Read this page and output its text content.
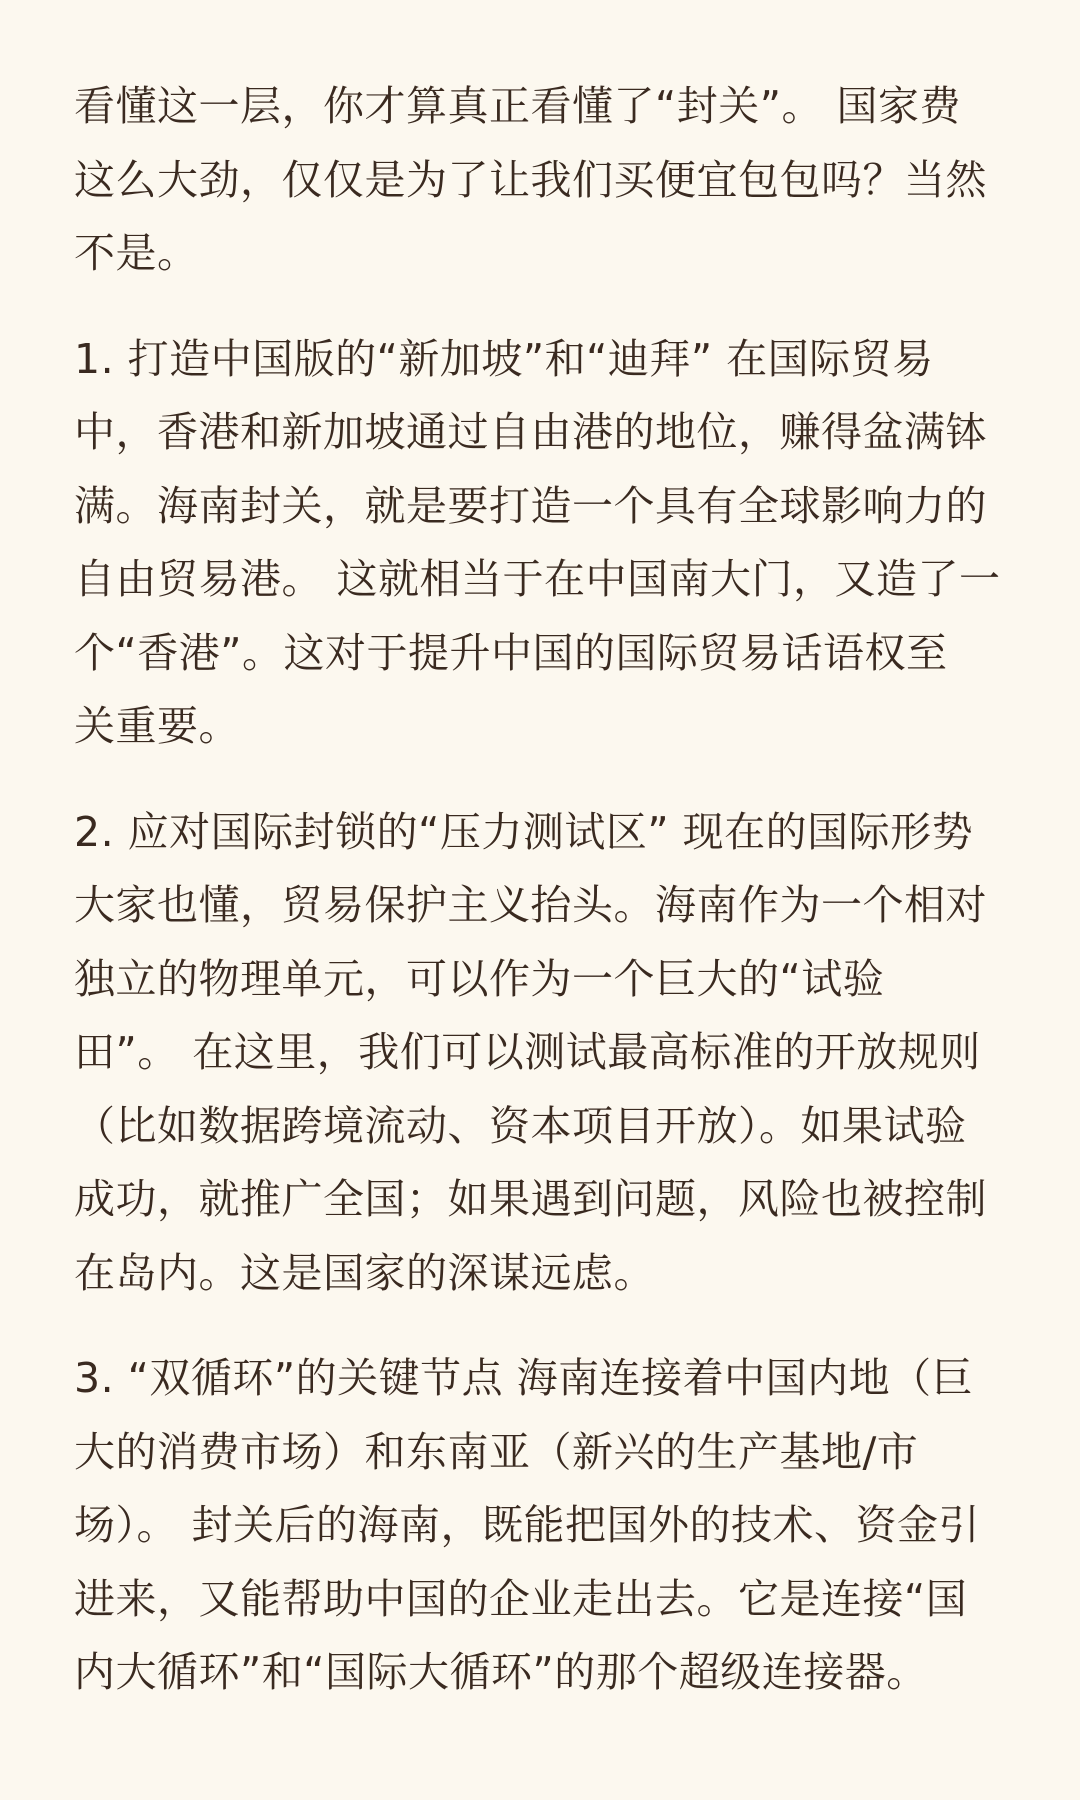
看懂这一层，你才算真正看懂了“封关”。 国家费
这么大劲，仅仅是为了让我们买便宜包包吗？当然
不是。
1. 打造中国版的“新加坡”和“迪拜” 在国际贸易
中，香港和新加坡通过自由港的地位，赚得盆满钵
满。海南封关，就是要打造一个具有全球影响力的
自由贸易港。 这就相当于在中国南大门，又造了一
个“香港”。这对于提升中国的国际贸易话语权至
关重要。
2. 应对国际封锁的“压力测试区” 现在的国际形势
大家也懂，贸易保护主义抬头。海南作为一个相对
独立的物理单元，可以作为一个巨大的“试验
田”。 在这里，我们可以测试最高标准的开放规则
（比如数据跨境流动、资本项目开放）。如果试验
成功，就推广全国；如果遇到问题，风险也被控制
在岛内。这是国家的深谋远虑。
3. “双循环”的关键节点 海南连接着中国内地（巨
大的消费市场）和东南亚（新兴的生产基地/市
场）。 封关后的海南，既能把国外的技术、资金引
进来，又能帮助中国的企业走出去。它是连接“国
内大循环”和“国际大循环”的那个超级连接器。
